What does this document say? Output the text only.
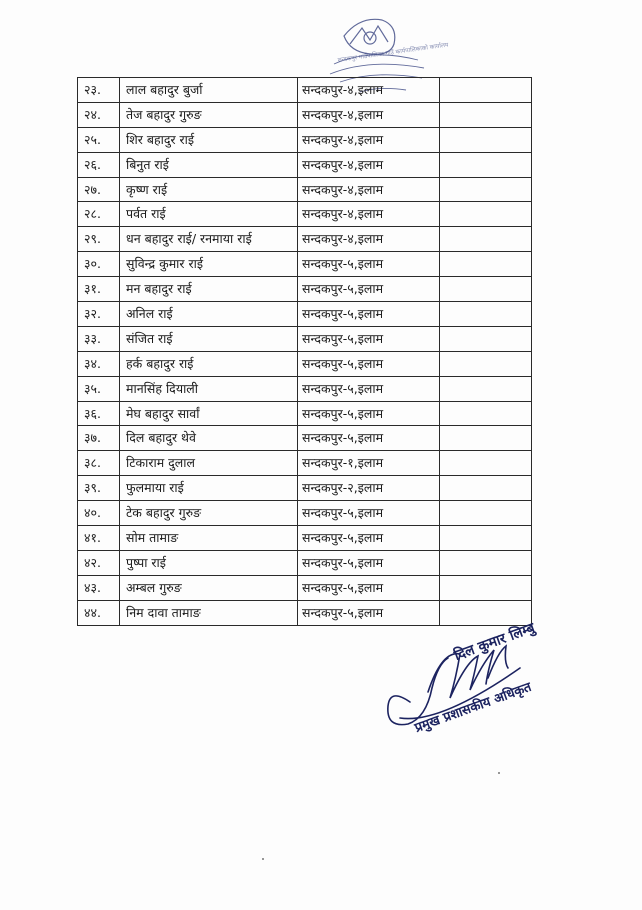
सन्दकपुर गाउँपालिका गाउँ कार्यपालिकाको कार्यालय
२३.	लाल बहादुर बुर्जा	सन्दकपुर-४,इलाम	
२४.	तेज बहादुर गुरुङ	सन्दकपुर-४,इलाम	
२५.	शिर बहादुर राई	सन्दकपुर-४,इलाम	
२६.	बिनुत राई	सन्दकपुर-४,इलाम	
२७.	कृष्ण राई	सन्दकपुर-४,इलाम	
२८.	पर्वत राई	सन्दकपुर-४,इलाम	
२९.	धन बहादुर राई/ रनमाया राई	सन्दकपुर-४,इलाम	
३०.	सुविन्द्र कुमार राई	सन्दकपुर-५,इलाम	
३१.	मन बहादुर राई	सन्दकपुर-५,इलाम	
३२.	अनिल राई	सन्दकपुर-५,इलाम	
३३.	संजित राई	सन्दकपुर-५,इलाम	
३४.	हर्क बहादुर राई	सन्दकपुर-५,इलाम	
३५.	मानसिंह दियाली	सन्दकपुर-५,इलाम	
३६.	मेघ बहादुर सार्वां	सन्दकपुर-५,इलाम	
३७.	दिल बहादुर थेवे	सन्दकपुर-५,इलाम	
३८.	टिकाराम दुलाल	सन्दकपुर-१,इलाम	
३९.	फुलमाया राई	सन्दकपुर-२,इलाम	
४०.	टेक बहादुर गुरुङ	सन्दकपुर-५,इलाम	
४१.	सोम तामाङ	सन्दकपुर-५,इलाम	
४२.	पुष्पा राई	सन्दकपुर-५,इलाम	
४३.	अम्बल गुरुङ	सन्दकपुर-५,इलाम	
४४.	निम दावा तामाङ	सन्दकपुर-५,इलाम	
दिल कुमार लिम्बु
प्रमुख प्रशासकीय अधिकृत
